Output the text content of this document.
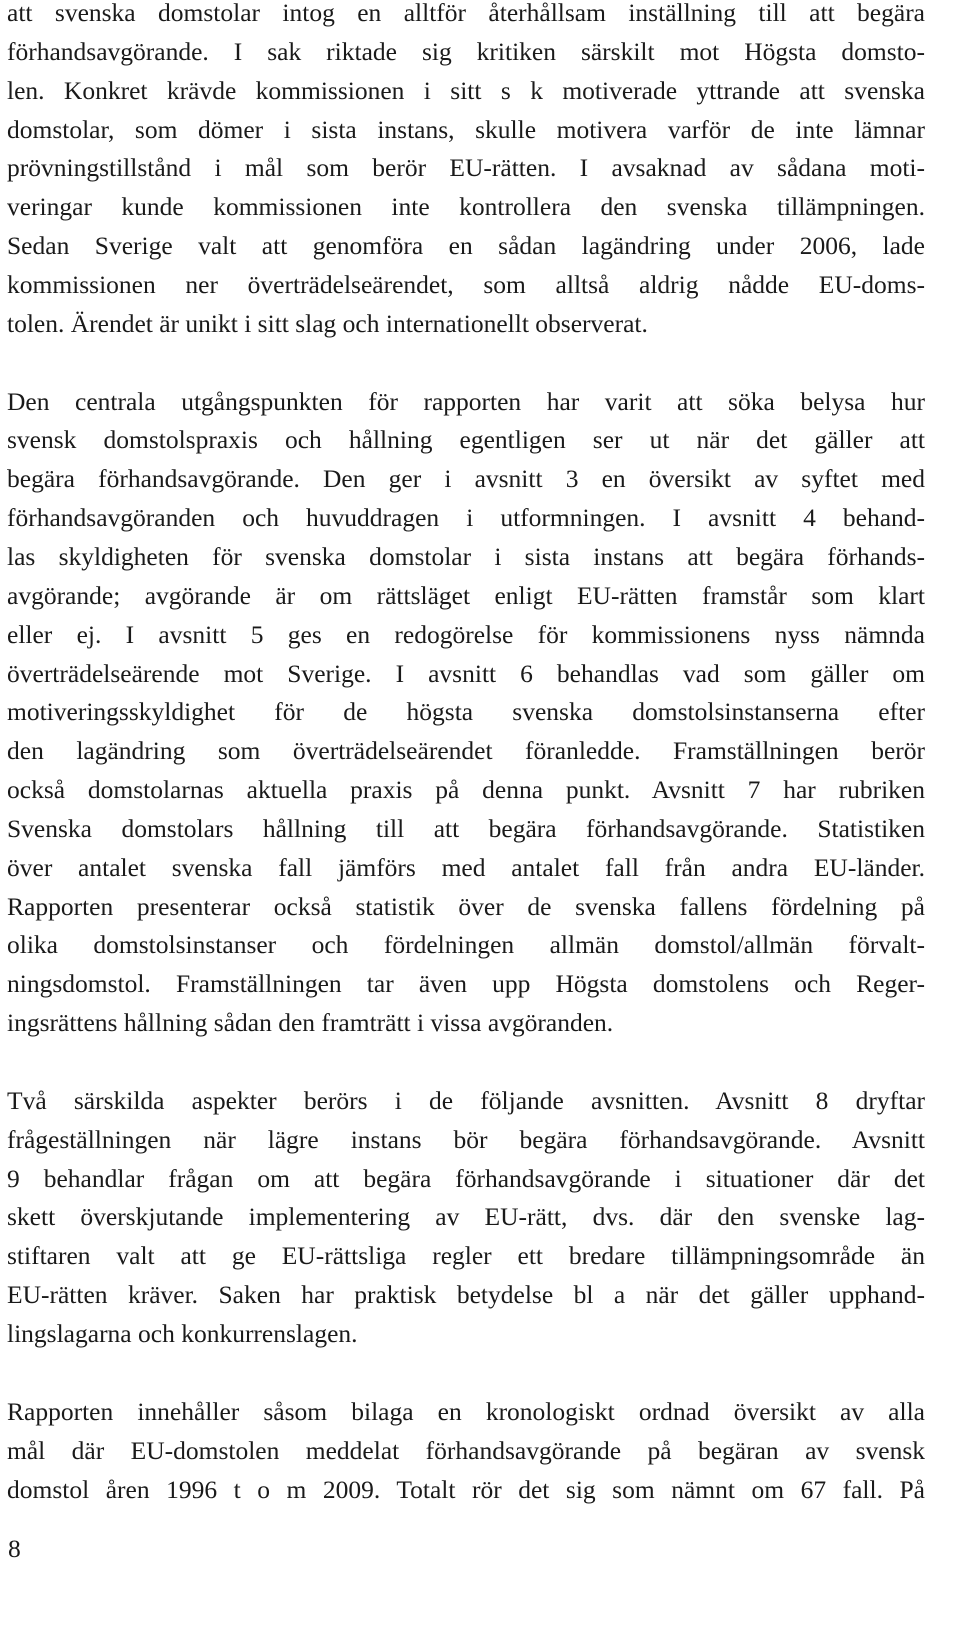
att svenska domstolar intog en alltför återhållsam inställning till att begära
förhandsavgörande. I sak riktade sig kritiken särskilt mot Högsta domsto-
len. Konkret krävde kommissionen i sitt s k motiverade yttrande att svenska
domstolar, som dömer i sista instans, skulle motivera varför de inte lämnar
prövningstillstånd i mål som berör EU-rätten. I avsaknad av sådana moti-
veringar kunde kommissionen inte kontrollera den svenska tillämpningen.
Sedan Sverige valt att genomföra en sådan lagändring under 2006, lade
kommissionen ner överträdelseärendet, som alltså aldrig nådde EU-doms-
tolen. Ärendet är unikt i sitt slag och internationellt observerat.
Den centrala utgångspunkten för rapporten har varit att söka belysa hur
svensk domstolspraxis och hållning egentligen ser ut när det gäller att
begära förhandsavgörande. Den ger i avsnitt 3 en översikt av syftet med
förhandsavgöranden och huvuddragen i utformningen. I avsnitt 4 behand-
las skyldigheten för svenska domstolar i sista instans att begära förhands-
avgörande; avgörande är om rättsläget enligt EU-rätten framstår som klart
eller ej. I avsnitt 5 ges en redogörelse för kommissionens nyss nämnda
överträdelseärende mot Sverige. I avsnitt 6 behandlas vad som gäller om
motiveringsskyldighet för de högsta svenska domstolsinstanserna efter
den lagändring som överträdelseärendet föranledde. Framställningen berör
också domstolarnas aktuella praxis på denna punkt. Avsnitt 7 har rubriken
Svenska domstolars hållning till att begära förhandsavgörande. Statistiken
över antalet svenska fall jämförs med antalet fall från andra EU-länder.
Rapporten presenterar också statistik över de svenska fallens fördelning på
olika domstolsinstanser och fördelningen allmän domstol/allmän förvalt-
ningsdomstol. Framställningen tar även upp Högsta domstolens och Reger-
ingsrättens hållning sådan den framträtt i vissa avgöranden.
Två särskilda aspekter berörs i de följande avsnitten. Avsnitt 8 dryftar
frågeställningen när lägre instans bör begära förhandsavgörande. Avsnitt
9 behandlar frågan om att begära förhandsavgörande i situationer där det
skett överskjutande implementering av EU-rätt, dvs. där den svenske lag-
stiftaren valt att ge EU-rättsliga regler ett bredare tillämpningsområde än
EU-rätten kräver. Saken har praktisk betydelse bl a när det gäller upphand-
lingslagarna och konkurrenslagen.
Rapporten innehåller såsom bilaga en kronologiskt ordnad översikt av alla
mål där EU-domstolen meddelat förhandsavgörande på begäran av svensk
domstol åren 1996 t o m 2009. Totalt rör det sig som nämnt om 67 fall. På
8
